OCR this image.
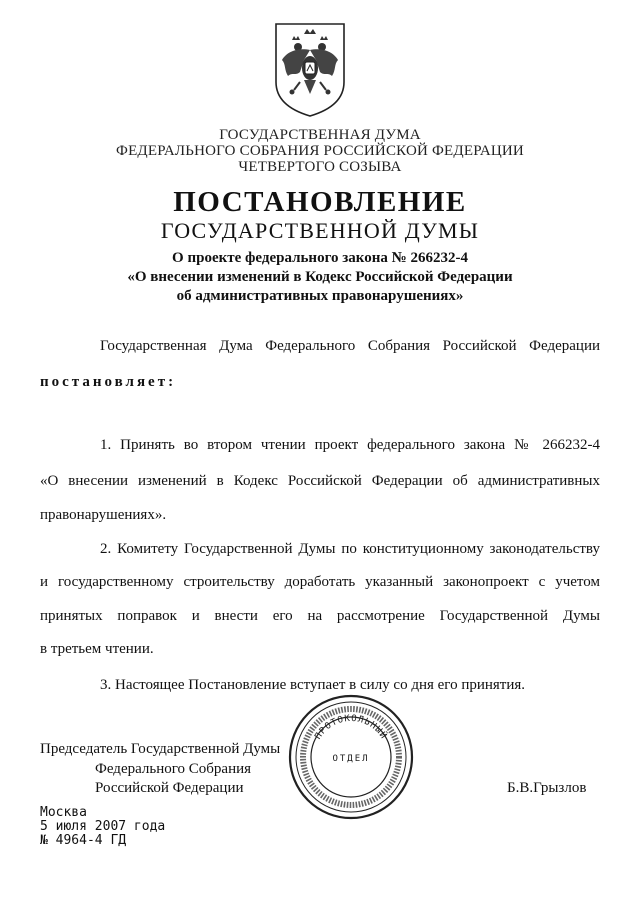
ГОСУДАРСТВЕННАЯ ДУМА
ФЕДЕРАЛЬНОГО СОБРАНИЯ РОССИЙСКОЙ ФЕДЕРАЦИИ
ЧЕТВЕРТОГО СОЗЫВА
ПОСТАНОВЛЕНИЕ
ГОСУДАРСТВЕННОЙ ДУМЫ
О проекте федерального закона № 266232-4
«О внесении изменений в Кодекс Российской Федерации
об административных правонарушениях»
Государственная Дума Федерального Собрания Российской Федерации
постановляет:
1. Принять во втором чтении проект федерального закона № 266232-4
«О внесении изменений в Кодекс Российской Федерации об административных
правонарушениях».
2. Комитету Государственной Думы по конституционному законодательству
и государственному строительству доработать указанный законопроект с учетом
принятых поправок и внести его на рассмотрение Государственной Думы
в третьем чтении.
3. Настоящее Постановление вступает в силу со дня его принятия.
Председатель Государственной Думы
Федерального Собрания
Российской Федерации	Б.В.Грызлов
ПРОТОКОЛЬНЫЙ
ОТДЕЛ
Москва
5 июля 2007 года
№ 4964-4 ГД
